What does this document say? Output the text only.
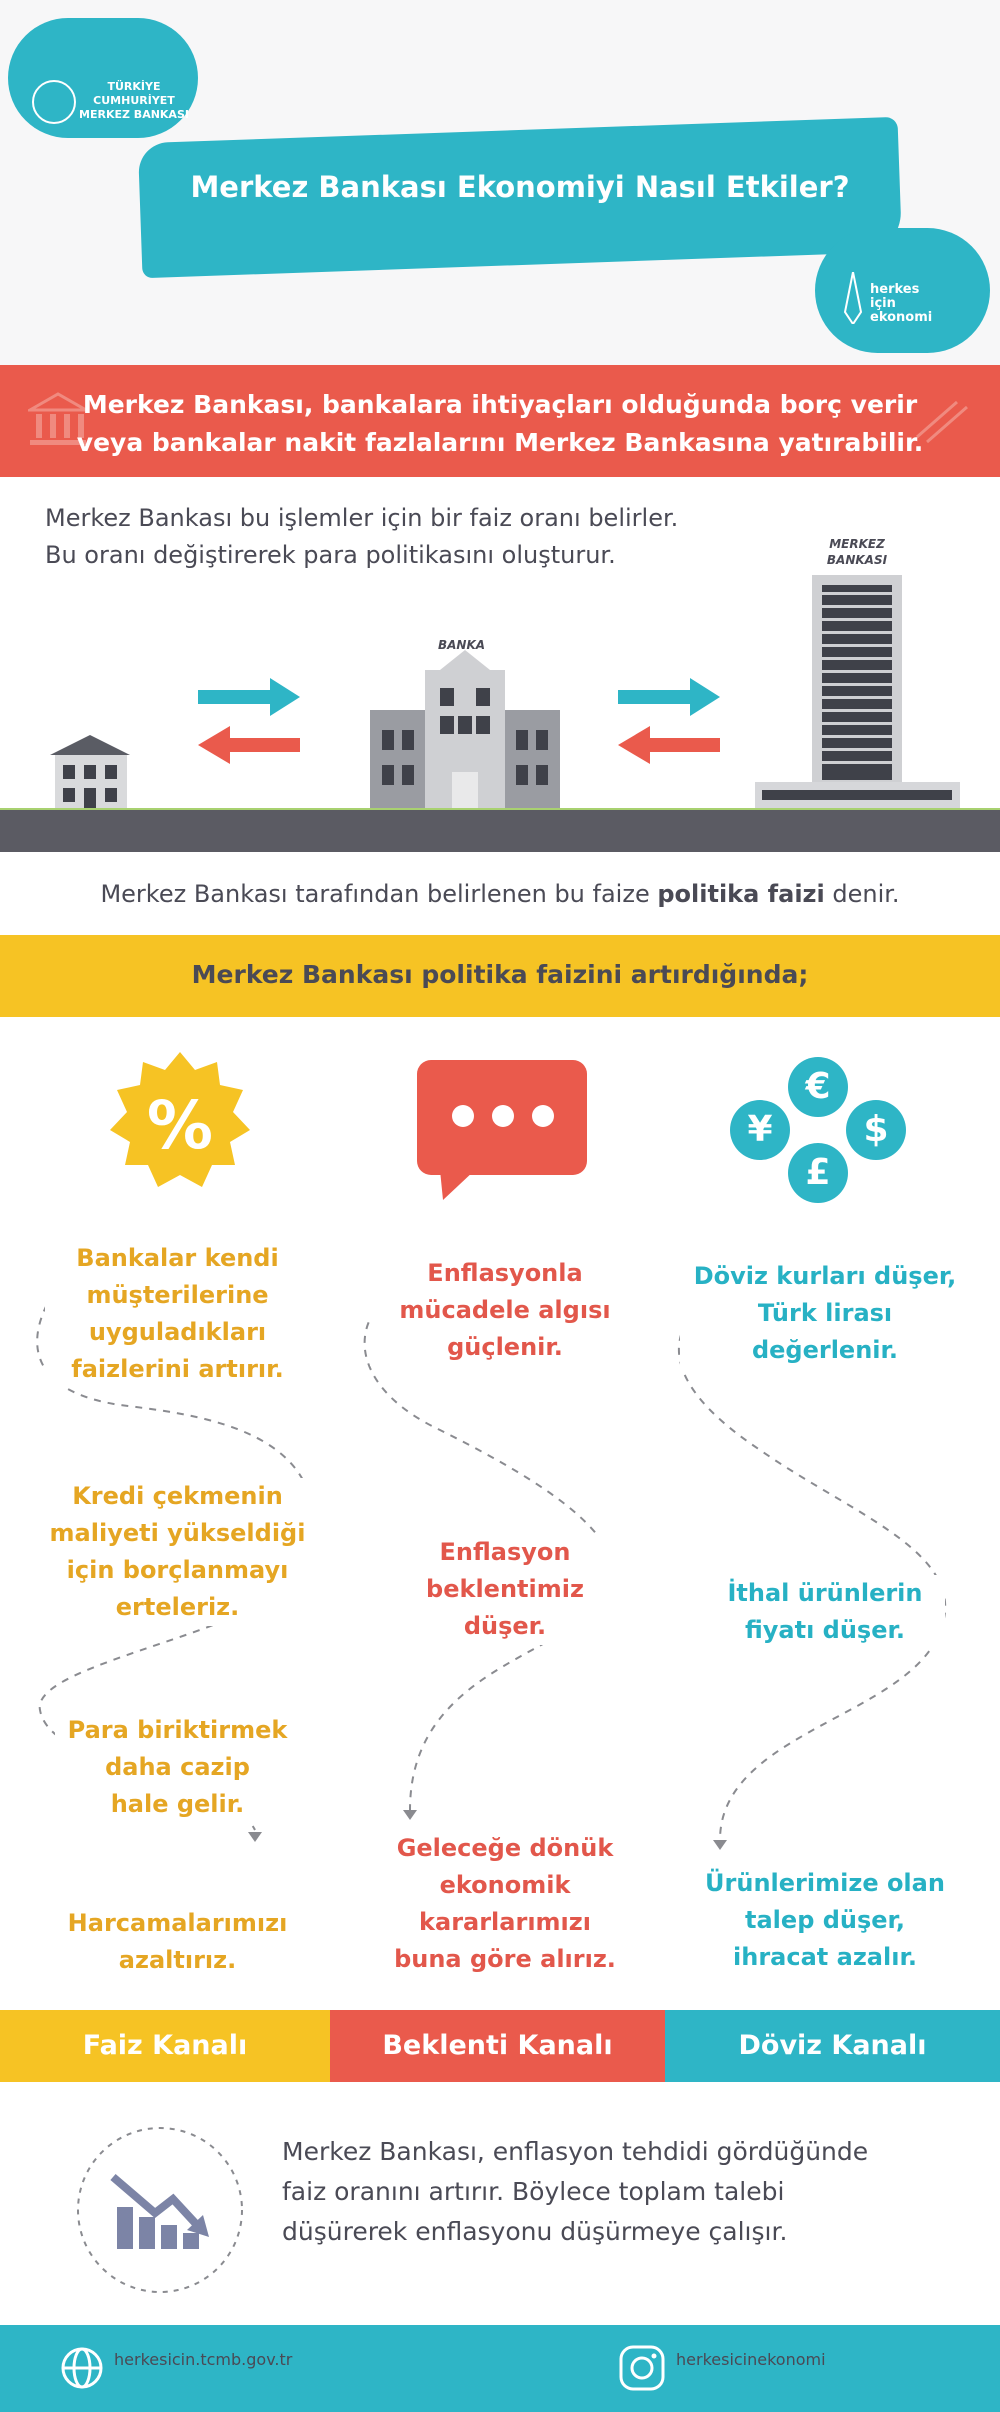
TÜRKİYE CUMHURİYET
MERKEZ BANKASI
Merkez Bankası Ekonomiyi Nasıl Etkiler?
herkes
için
ekonomi
Merkez Bankası, bankalara ihtiyaçları olduğunda borç verir
veya bankalar nakit fazlalarını Merkez Bankasına yatırabilir.
Merkez Bankası bu işlemler için bir faiz oranı belirler.
Bu oranı değiştirerek para politikasını oluşturur.
BANKA
MERKEZ
BANKASI
Merkez Bankası tarafından belirlenen bu faize politika faizi denir.
Merkez Bankası politika faizini artırdığında;
%
€
¥	$
£
Bankalar kendi
müşterilerine
uyguladıkları
faizlerini artırır.
Kredi çekmenin
maliyeti yükseldiği
için borçlanmayı
erteleriz.
Para biriktirmek
daha cazip
hale gelir.
Harcamalarımızı
azaltırız.
Enflasyonla
mücadele algısı
güçlenir.
Enflasyon
beklentimiz
düşer.
Geleceğe dönük
ekonomik
kararlarımızı
buna göre alırız.
Döviz kurları düşer,
Türk lirası
değerlenir.
İthal ürünlerin
fiyatı düşer.
Ürünlerimize olan
talep düşer,
ihracat azalır.
Faiz Kanalı	Beklenti Kanalı	Döviz Kanalı
Merkez Bankası, enflasyon tehdidi gördüğünde
faiz oranını artırır. Böylece toplam talebi
düşürerek enflasyonu düşürmeye çalışır.
herkesicin.tcmb.gov.tr	herkesicinekonomi
